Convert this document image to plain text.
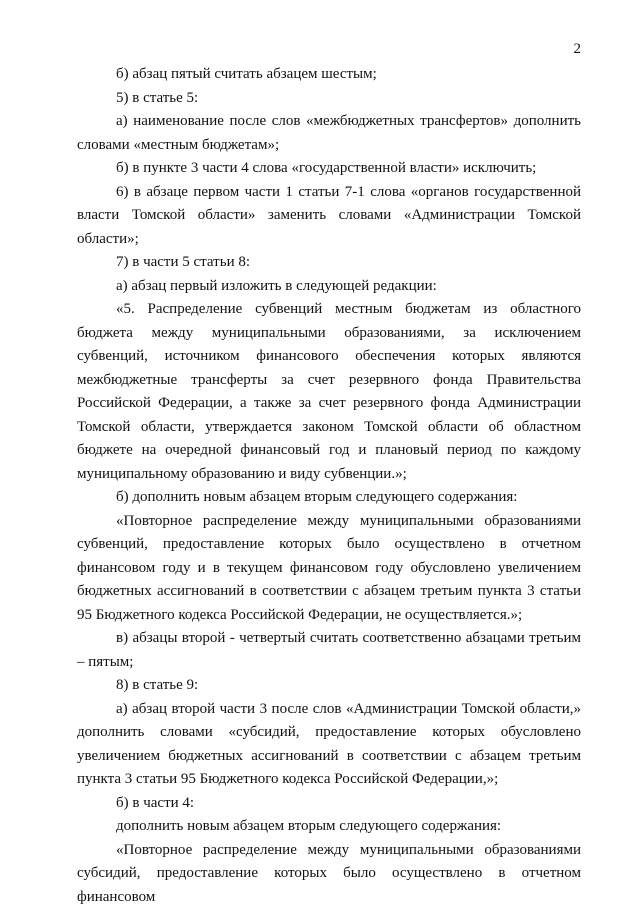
2

б) абзац пятый считать абзацем шестым;

5) в статье 5:

а) наименование после слов «межбюджетных трансфертов» дополнить словами «местным бюджетам»;

б) в пункте 3 части 4 слова «государственной власти» исключить;

6) в абзаце первом части 1 статьи 7-1 слова «органов государственной власти Томской области» заменить словами «Администрации Томской области»;

7) в части 5 статьи 8:

а) абзац первый изложить в следующей редакции:

«5. Распределение субвенций местным бюджетам из областного бюджета между муниципальными образованиями, за исключением субвенций, источником финансового обеспечения которых являются межбюджетные трансферты за счет резервного фонда Правительства Российской Федерации, а также за счет резервного фонда Администрации Томской области, утверждается законом Томской области об областном бюджете на очередной финансовый год и плановый период по каждому муниципальному образованию и виду субвенции.»;

б) дополнить новым абзацем вторым следующего содержания:

«Повторное распределение между муниципальными образованиями субвенций, предоставление которых было осуществлено в отчетном финансовом году и в текущем финансовом году обусловлено увеличением бюджетных ассигнований в соответствии с абзацем третьим пункта 3 статьи 95 Бюджетного кодекса Российской Федерации, не осуществляется.»;

в) абзацы второй - четвертый считать соответственно абзацами третьим – пятым;

8) в статье 9:

а) абзац второй части 3 после слов «Администрации Томской области,» дополнить словами «субсидий, предоставление которых обусловлено увеличением бюджетных ассигнований в соответствии с абзацем третьим пункта 3 статьи 95 Бюджетного кодекса Российской Федерации,»;

б) в части 4:

дополнить новым абзацем вторым следующего содержания:

«Повторное распределение между муниципальными образованиями субсидий, предоставление которых было осуществлено в отчетном финансовом
